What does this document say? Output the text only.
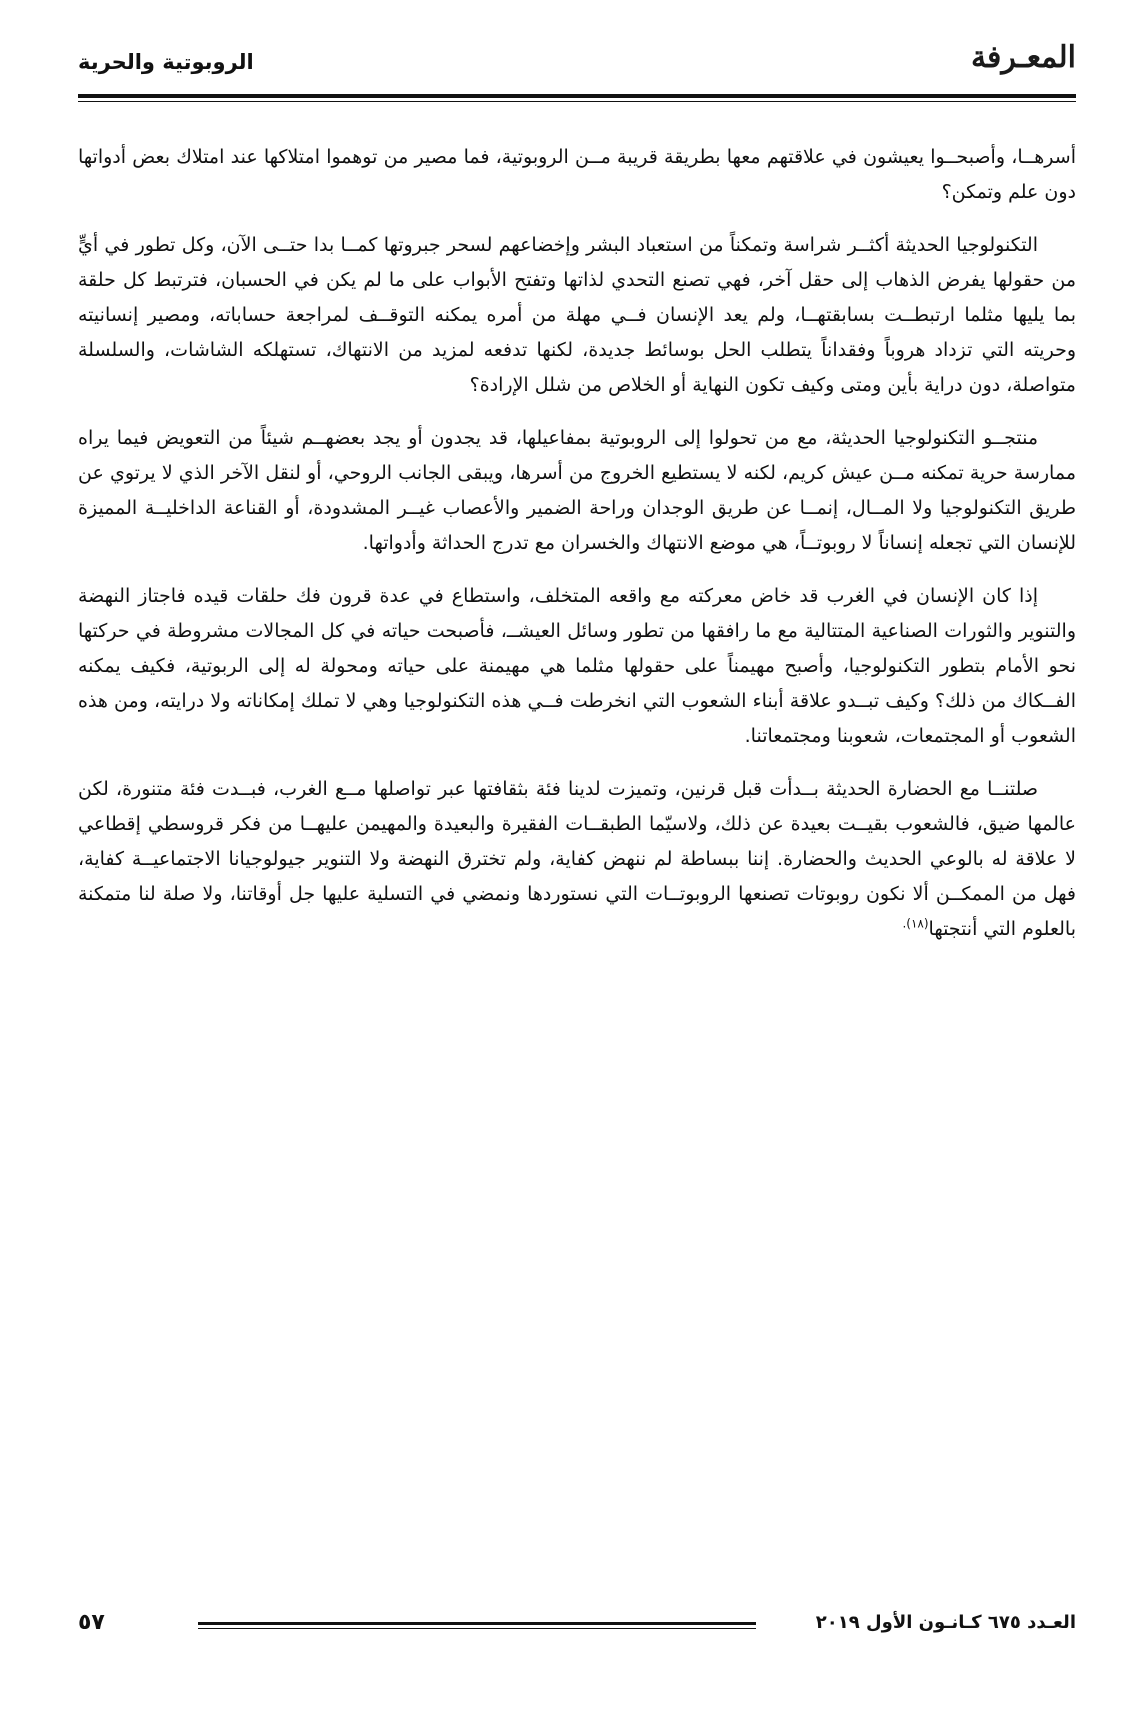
الروبوتية والحرية	المعـرفة

أسرهــا، وأصبحــوا يعيشون في علاقتهم معها بطريقة قريبة مــن الروبوتية، فما مصير من توهموا امتلاكها عند امتلاك بعض أدواتها دون علم وتمكن؟

التكنولوجيا الحديثة أكثــر شراسة وتمكناً من استعباد البشر وإخضاعهم لسحر جبروتها كمــا بدا حتــى الآن، وكل تطور في أيٍّ من حقولها يفرض الذهاب إلى حقل آخر، فهي تصنع التحدي لذاتها وتفتح الأبواب على ما لم يكن في الحسبان، فترتبط كل حلقة بما يليها مثلما ارتبطــت بسابقتهــا، ولم يعد الإنسان فــي مهلة من أمره يمكنه التوقــف لمراجعة حساباته، ومصير إنسانيته وحريته التي تزداد هروباً وفقداناً يتطلب الحل بوسائط جديدة، لكنها تدفعه لمزيد من الانتهاك، تستهلكه الشاشات، والسلسلة متواصلة، دون دراية بأين ومتى وكيف تكون النهاية أو الخلاص من شلل الإرادة؟

منتجــو التكنولوجيا الحديثة، مع من تحولوا إلى الروبوتية بمفاعيلها، قد يجدون أو يجد بعضهــم شيئاً من التعويض فيما يراه ممارسة حرية تمكنه مــن عيش كريم، لكنه لا يستطيع الخروج من أسرها، ويبقى الجانب الروحي، أو لنقل الآخر الذي لا يرتوي عن طريق التكنولوجيا ولا المــال، إنمــا عن طريق الوجدان وراحة الضمير والأعصاب غيــر المشدودة، أو القناعة الداخليــة المميزة للإنسان التي تجعله إنساناً لا روبوتــاً، هي موضع الانتهاك والخسران مع تدرج الحداثة وأدواتها.

إذا كان الإنسان في الغرب قد خاض معركته مع واقعه المتخلف، واستطاع في عدة قرون فك حلقات قيده فاجتاز النهضة والتنوير والثورات الصناعية المتتالية مع ما رافقها من تطور وسائل العيشــ، فأصبحت حياته في كل المجالات مشروطة في حركتها نحو الأمام بتطور التكنولوجيا، وأصبح مهيمناً على حقولها مثلما هي مهيمنة على حياته ومحولة له إلى الربوتية، فكيف يمكنه الفــكاك من ذلك؟ وكيف تبــدو علاقة أبناء الشعوب التي انخرطت فــي هذه التكنولوجيا وهي لا تملك إمكاناته ولا درايته، ومن هذه الشعوب أو المجتمعات، شعوبنا ومجتمعاتنا.

صلتنــا مع الحضارة الحديثة بــدأت قبل قرنين، وتميزت لدينا فئة بثقافتها عبر تواصلها مــع الغرب، فبــدت فئة متنورة، لكن عالمها ضيق، فالشعوب بقيــت بعيدة عن ذلك، ولاسيّما الطبقــات الفقيرة والبعيدة والمهيمن عليهــا من فكر قروسطي إقطاعي لا علاقة له بالوعي الحديث والحضارة. إننا ببساطة لم ننهض كفاية، ولم تخترق النهضة ولا التنوير جيولوجيانا الاجتماعيــة كفاية، فهل من الممكــن ألا نكون روبوتات تصنعها الروبوتــات التي نستوردها ونمضي في التسلية عليها جل أوقاتنا، ولا صلة لنا متمكنة بالعلوم التي أنتجتها$^{(١٨).}$

٥٧	العـدد ٦٧٥ كـانـون الأول ٢٠١٩
